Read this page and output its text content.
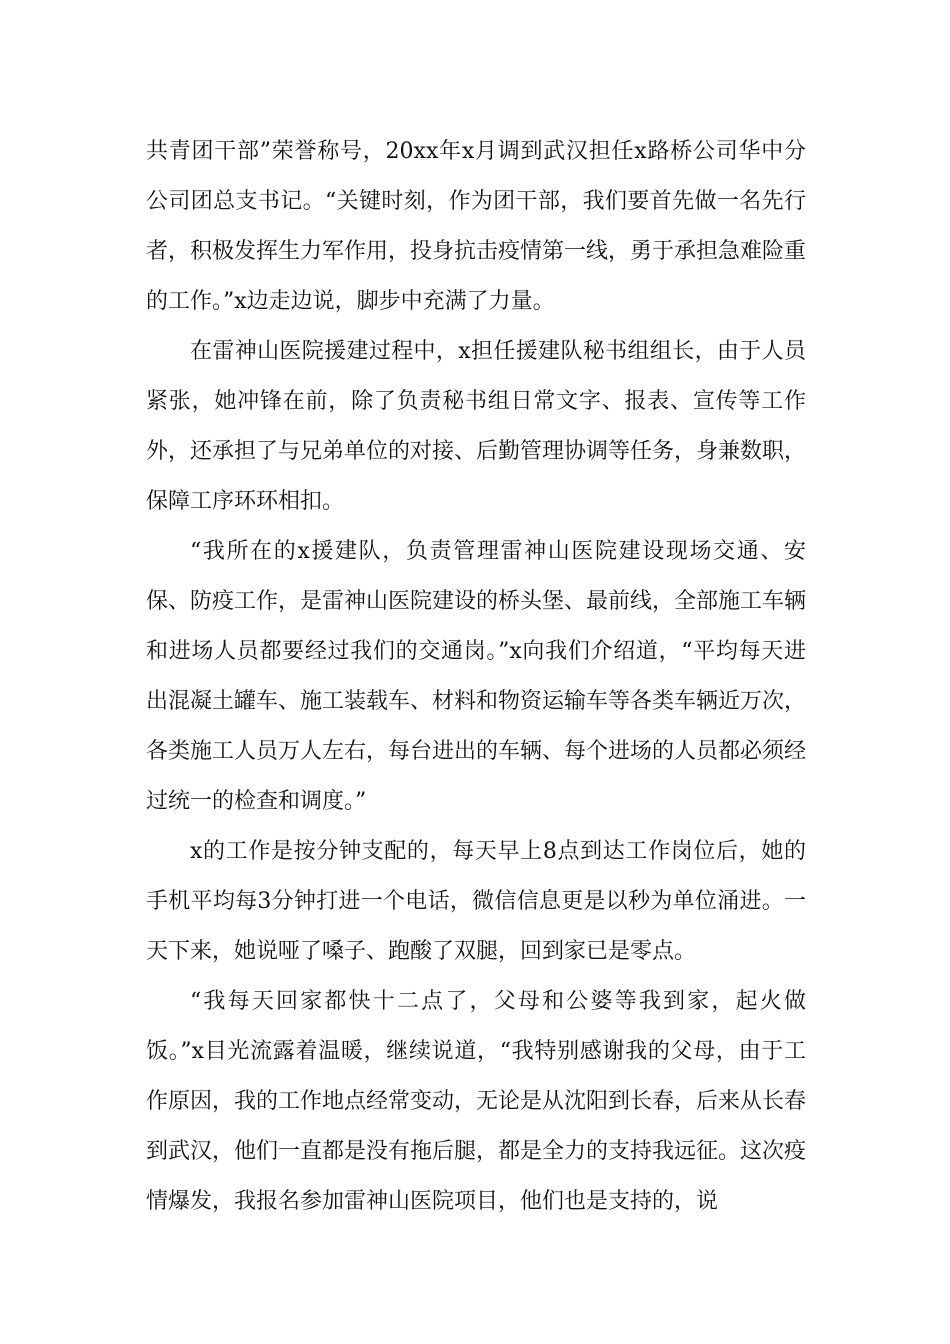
共青团干部”荣誉称号，20xx年x月调到武汉担任x路桥公司华中分公司团总支书记。“关键时刻，作为团干部，我们要首先做一名先行者，积极发挥生力军作用，投身抗击疫情第一线，勇于承担急难险重的工作。”x边走边说，脚步中充满了力量。

在雷神山医院援建过程中，x担任援建队秘书组组长，由于人员紧张，她冲锋在前，除了负责秘书组日常文字、报表、宣传等工作外，还承担了与兄弟单位的对接、后勤管理协调等任务，身兼数职，保障工序环环相扣。

“我所在的x援建队，负责管理雷神山医院建设现场交通、安保、防疫工作，是雷神山医院建设的桥头堡、最前线，全部施工车辆和进场人员都要经过我们的交通岗。”x向我们介绍道，“平均每天进出混凝土罐车、施工装载车、材料和物资运输车等各类车辆近万次，各类施工人员万人左右，每台进出的车辆、每个进场的人员都必须经过统一的检查和调度。”

x的工作是按分钟支配的，每天早上8点到达工作岗位后，她的手机平均每3分钟打进一个电话，微信信息更是以秒为单位涌进。一天下来，她说哑了嗓子、跑酸了双腿，回到家已是零点。

“我每天回家都快十二点了，父母和公婆等我到家，起火做饭。”x目光流露着温暖，继续说道，“我特别感谢我的父母，由于工作原因，我的工作地点经常变动，无论是从沈阳到长春，后来从长春到武汉，他们一直都是没有拖后腿，都是全力的支持我远征。这次疫情爆发，我报名参加雷神山医院项目，他们也是支持的，说
